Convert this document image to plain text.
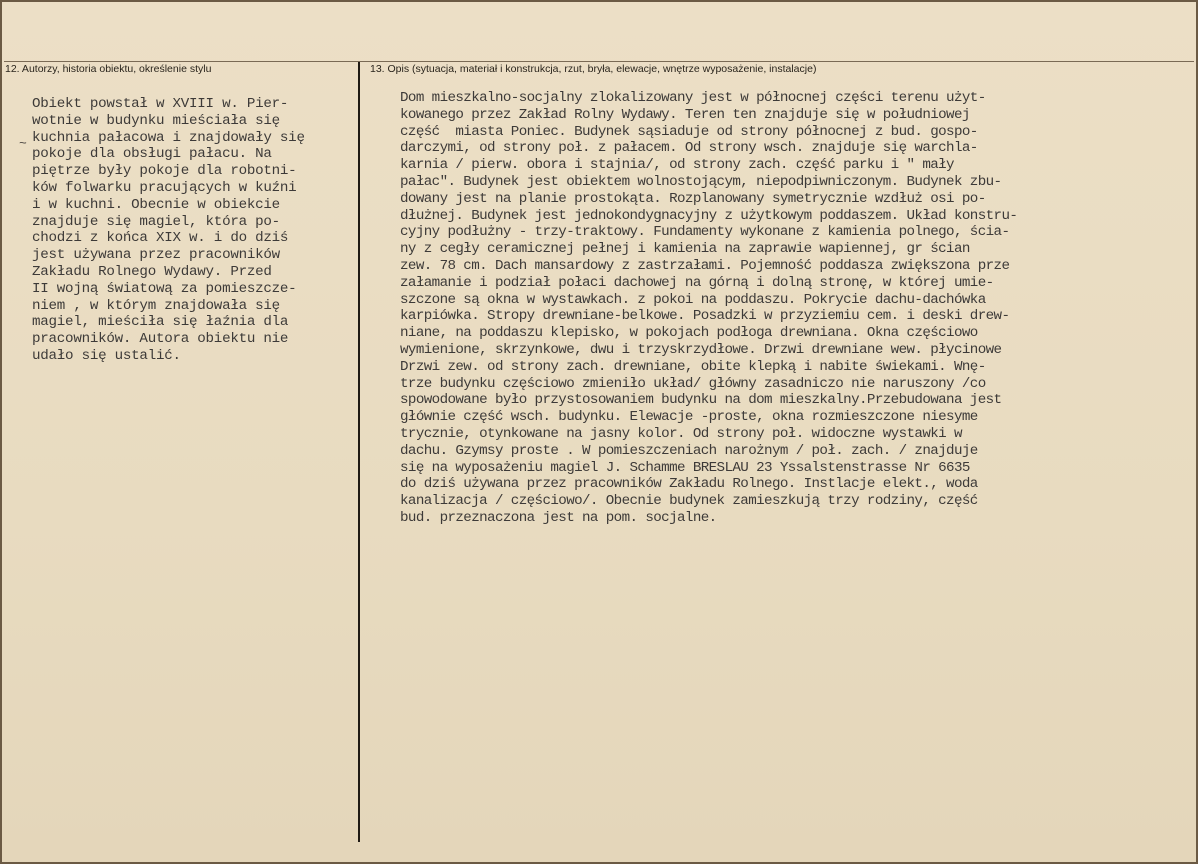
12. Autorzy, historia obiektu, określenie stylu	13. Opis (sytuacja, materiał i konstrukcja, rzut, bryła, elewacje, wnętrze wyposażenie, instalacje)
~
Obiekt powstał w XVIII w. Pier-
wotnie w budynku mieściała się
kuchnia pałacowa i znajdowały się
pokoje dla obsługi pałacu. Na
piętrze były pokoje dla robotni-
ków folwarku pracujących w kuźni
i w kuchni. Obecnie w obiekcie
znajduje się magiel, która po-
chodzi z końca XIX w. i do dziś
jest używana przez pracowników
Zakładu Rolnego Wydawy. Przed
II wojną światową za pomieszcze-
niem , w którym znajdowała się
magiel, mieściła się łaźnia dla
pracowników. Autora obiektu nie
udało się ustalić.
Dom mieszkalno-socjalny zlokalizowany jest w północnej części terenu użyt-
kowanego przez Zakład Rolny Wydawy. Teren ten znajduje się w południowej
część  miasta Poniec. Budynek sąsiaduje od strony północnej z bud. gospo-
darczymi, od strony poł. z pałacem. Od strony wsch. znajduje się warchla-
karnia / pierw. obora i stajnia/, od strony zach. część parku i " mały
pałac". Budynek jest obiektem wolnostojącym, niepodpiwniczonym. Budynek zbu-
dowany jest na planie prostokąta. Rozplanowany symetrycznie wzdłuż osi po-
dłużnej. Budynek jest jednokondygnacyjny z użytkowym poddaszem. Układ konstru-
cyjny podłużny - trzy-traktowy. Fundamenty wykonane z kamienia polnego, ścia-
ny z cegły ceramicznej pełnej i kamienia na zaprawie wapiennej, gr ścian
zew. 78 cm. Dach mansardowy z zastrzałami. Pojemność poddasza zwiększona prze
załamanie i podział połaci dachowej na górną i dolną stronę, w której umie-
szczone są okna w wystawkach. z pokoi na poddaszu. Pokrycie dachu-dachówka
karpiówka. Stropy drewniane-belkowe. Posadzki w przyziemiu cem. i deski drew-
niane, na poddaszu klepisko, w pokojach podłoga drewniana. Okna częściowo
wymienione, skrzynkowe, dwu i trzyskrzydłowe. Drzwi drewniane wew. płycinowe
Drzwi zew. od strony zach. drewniane, obite klepką i nabite świekami. Wnę-
trze budynku częściowo zmieniło układ/ główny zasadniczo nie naruszony /co
spowodowane było przystosowaniem budynku na dom mieszkalny.Przebudowana jest
głównie część wsch. budynku. Elewacje -proste, okna rozmieszczone niesyme
trycznie, otynkowane na jasny kolor. Od strony poł. widoczne wystawki w
dachu. Gzymsy proste . W pomieszczeniach narożnym / poł. zach. / znajduje
się na wyposażeniu magiel J. Schamme BRESLAU 23 Yssalstenstrasse Nr 6635
do dziś używana przez pracowników Zakładu Rolnego. Instlacje elekt., woda
kanalizacja / częściowo/. Obecnie budynek zamieszkują trzy rodziny, część
bud. przeznaczona jest na pom. socjalne.
